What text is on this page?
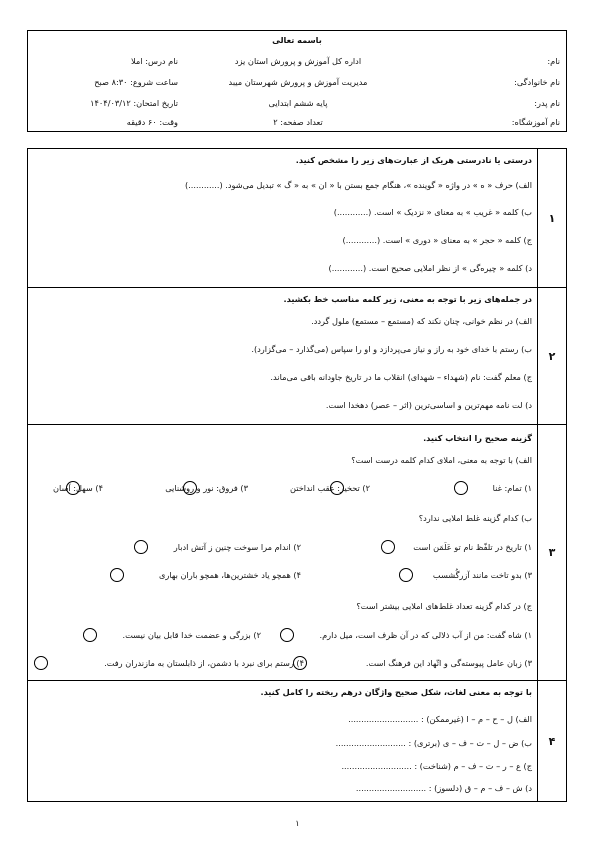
باسمه تعالی
نام:
اداره کل آموزش و پرورش استان یزد
نام درس: املا
نام خانوادگی:
مدیریت آموزش و پرورش شهرستان میبد
ساعت شروع: ۸:۳۰ صبح
نام پدر:
پایه ششم ابتدایی
تاریخ امتحان: ۱۴۰۴/۰۳/۱۲
نام آموزشگاه:
تعداد صفحه: ۲
وقت: ۶۰ دقیقه
۱
درستی یا نادرستی هریک از عبارت‌های زیر را مشخص کنید.
الف) حرف « ه » در واژه « گوینده »، هنگام جمع بستن با « ان » به « گ » تبدیل می‌شود. (............)
ب) کلمه « غریب » به معنای « نزدیک » است. (............)
ج) کلمه « حجر » به معنای « دوری » است. (............)
د) کلمه « چیره‌گی » از نظر املایی صحیح است. (............)
۲
در جمله‌های زیر با توجه به معنی، زیر کلمه مناسب خط بکشید.
الف) در نظم خوانی، چنان نکند که (مستمع – مستمع) ملول گردد.
ب) رستم با خدای خود به راز و نیاز می‌پردازد و او را سپاس (می‌گذارد – می‌گزارد).
ج) معلم گفت: نام (شهداء – شهدای) انقلاب ما در تاریخ جاودانه باقی می‌ماند.
د) لت نامه مهم‌ترین و اساسی‌ترین (اثر – عصر) دهخدا است.
۳
گزینه صحیح را انتخاب کنید.
الف) با توجه به معنی، املای کدام کلمه درست است؟
۱) تمام: غنا
۲) تحخیر: عقب انداختن
۳) فروق: نور و روشنایی
۴) سهل: آسان
ب) کدام گزینه غلط املایی ندارد؟
۱) تاریخ در تلفّظ نام تو عَلَمَن است
۲) اندام مرا سوخت چنین ز آتش ادبار
۳) بدو تاخت مانند آزرگُشسب
۴) همچو یاد خشترین‌ها، همچو باران بهاری
ج) در کدام گزینه تعداد غلط‌های املایی بیشتر است؟
۱) شاه گفت: من از آب ذلالی که در آن ظرف است، میل دارم.
۲) بزرگی و عضمت خدا قابل بیان نیست.
۳) زبان عامل پیوسته‌گی و اتّهاد این فرهنگ است.
۴) رستم برای نبرد با دشمن، از ذابلستان به مازندران رفت.
۴
با توجه به معنی لغات، شکل صحیح واژگان درهم ریخته را کامل کنید.
الف) ل – ح – م – ا (غیرممکن) : ...........................
ب) ض – ل – ت – ف – ی (برتری) : ...........................
ج) ع – ر – ت – ف – م (شناخت) : ...........................
د) ش – ف – م – ق (دلسوز) : ...........................
۱
